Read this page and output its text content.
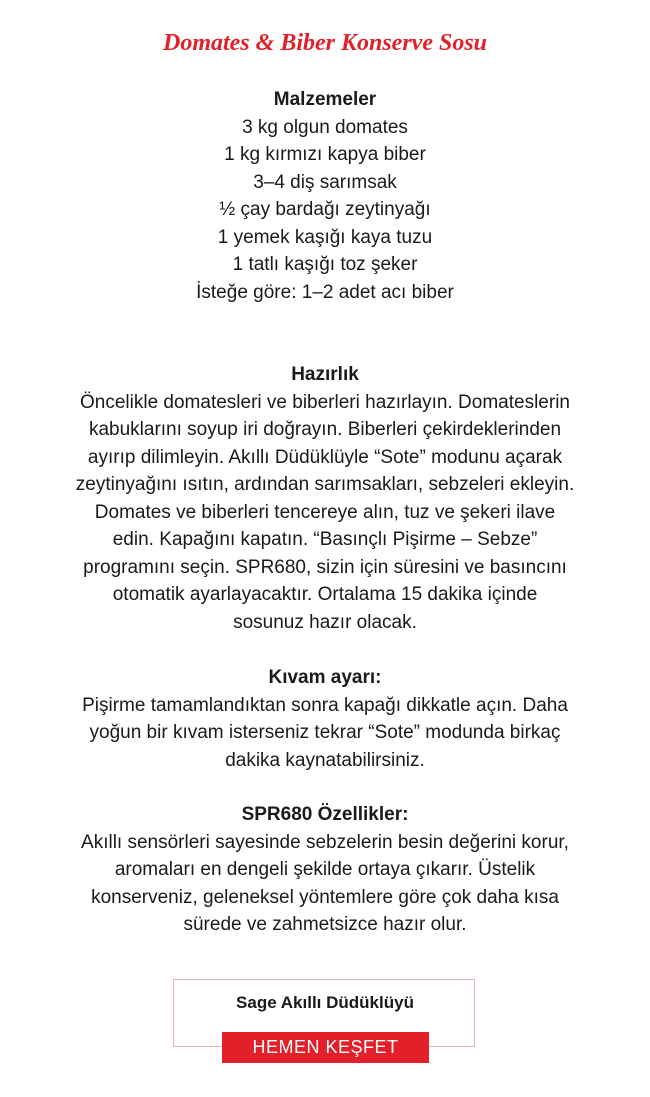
Domates & Biber Konserve Sosu
Malzemeler
3 kg olgun domates
1 kg kırmızı kapya biber
3–4 diş sarımsak
½ çay bardağı zeytinyağı
1 yemek kaşığı kaya tuzu
1 tatlı kaşığı toz şeker
İsteğe göre: 1–2 adet acı biber
Hazırlık
Öncelikle domatesleri ve biberleri hazırlayın. Domateslerin
kabuklarını soyup iri doğrayın. Biberleri çekirdeklerinden
ayırıp dilimleyin. Akıllı Düdüklüyle “Sote” modunu açarak
zeytinyağını ısıtın, ardından sarımsakları, sebzeleri ekleyin.
Domates ve biberleri tencereye alın, tuz ve şekeri ilave
edin. Kapağını kapatın. “Basınçlı Pişirme – Sebze”
programını seçin. SPR680, sizin için süresini ve basıncını
otomatik ayarlayacaktır. Ortalama 15 dakika içinde
sosunuz hazır olacak.
Kıvam ayarı:
Pişirme tamamlandıktan sonra kapağı dikkatle açın. Daha
yoğun bir kıvam isterseniz tekrar “Sote” modunda birkaç
dakika kaynatabilirsiniz.
SPR680 Özellikler:
Akıllı sensörleri sayesinde sebzelerin besin değerini korur,
aromaları en dengeli şekilde ortaya çıkarır. Üstelik
konserveniz, geleneksel yöntemlere göre çok daha kısa
sürede ve zahmetsizce hazır olur.
Sage Akıllı Düdüklüyü
HEMEN KEŞFET
